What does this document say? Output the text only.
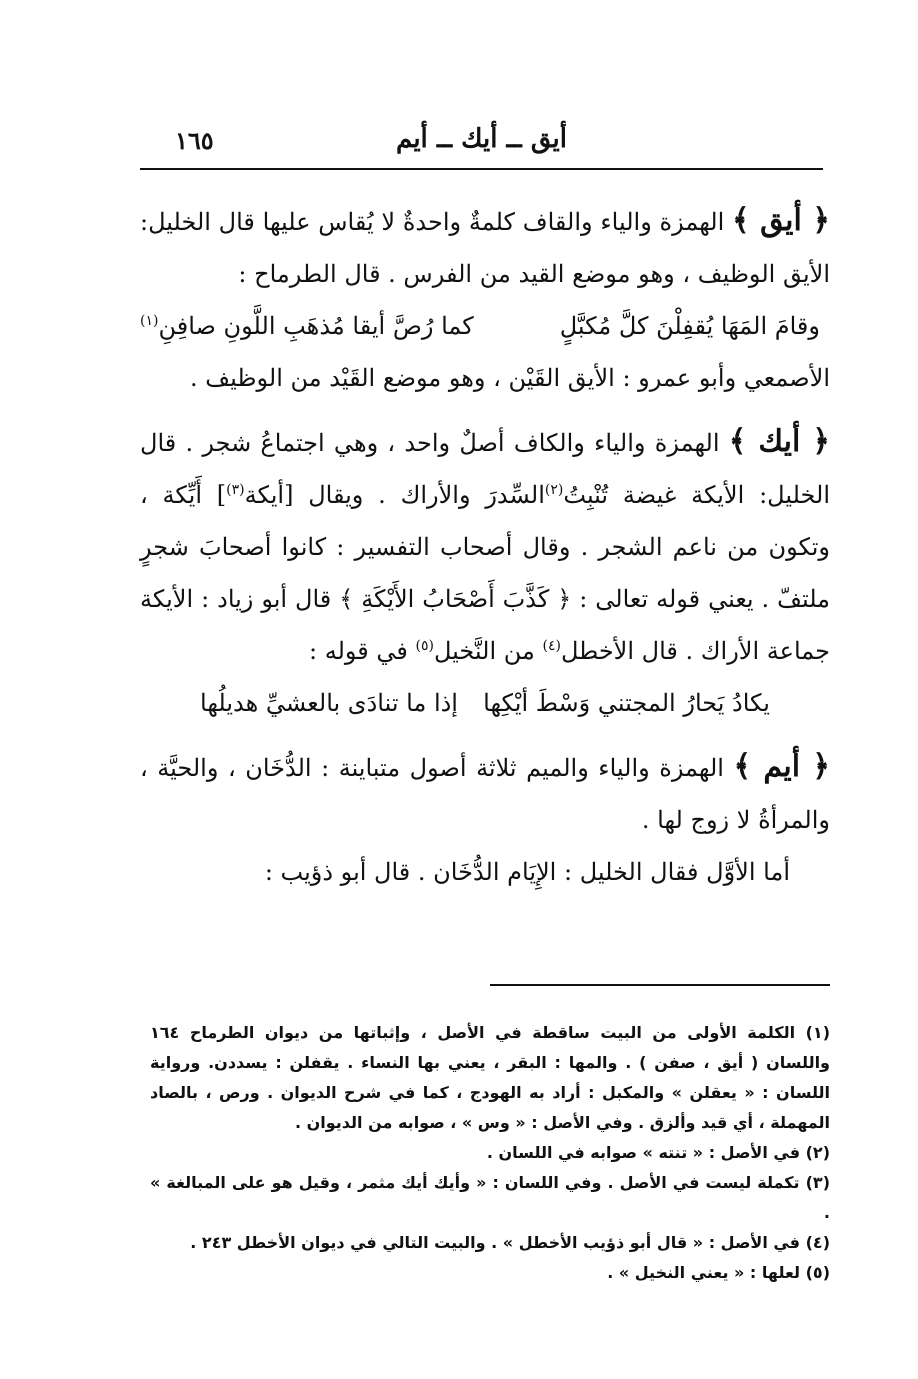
أيق ــ أيك ــ أيم
١٦٥

﴿ أيق ﴾ الهمزة والياء والقاف كلمةٌ واحدةٌ لا يُقاس عليها قال الخليل: الأيق الوظيف ، وهو موضع القيد من الفرس . قال الطرماح :

وقامَ المَهَا يُقفِلْنَ كلَّ مُكبَّلٍ
كما رُصَّ أيقا مُذهَبِ اللَّونِ صافِنِ$^{(١)}$

الأصمعي وأبو عمرو : الأيق القَيْن ، وهو موضع القَيْد من الوظيف .

﴿ أيك ﴾ الهمزة والياء والكاف أصلٌ واحد ، وهي اجتماعُ شجر . قال الخليل: الأيكة غيضة تُنْبِتُ$^{(٢)}$السِّدرَ والأراك . ويقال [أيكة$^{(٣)}$] أَيِّكة ، وتكون من ناعم الشجر . وقال أصحاب التفسير : كانوا أصحابَ شجرٍ ملتفّ . يعني قوله تعالى : ﴿ كَذَّبَ أَصْحَابُ الأَيْكَةِ ﴾ قال أبو زياد : الأيكة جماعة الأراك . قال الأخطل$^{(٤)}$ من النَّخيل$^{(٥)}$ في قوله :

يكادُ يَحارُ المجتني وَسْطَ أيْكِها
إذا ما تنادَى بالعشيِّ هديلُها

﴿ أيم ﴾ الهمزة والياء والميم ثلاثة أصول متباينة : الدُّخَان ، والحيَّة ، والمرأةُ لا زوج لها .

أما الأوَّل فقال الخليل : الإِيَام الدُّخَان . قال أبو ذؤيب :

(١) الكلمة الأولى من البيت ساقطة في الأصل ، وإثباتها من ديوان الطرماح ١٦٤ واللسان ( أيق ، صفن ) . والمها : البقر ، يعني بها النساء . يقفلن : يسددن. ورواية اللسان : « يعقلن » والمكبل : أراد به الهودج ، كما في شرح الديوان . ورص ، بالصاد المهملة ، أي قيد وألزق . وفي الأصل : « وس » ، صوابه من الديوان .

(٢) في الأصل : « تنته » صوابه في اللسان .

(٣) تكملة ليست في الأصل . وفي اللسان : « وأيك أيك مثمر ، وقيل هو على المبالغة » .

(٤) في الأصل : « قال أبو ذؤيب الأخطل » . والبيت التالي في ديوان الأخطل ٢٤٣ .

(٥) لعلها : « يعني النخيل » .
